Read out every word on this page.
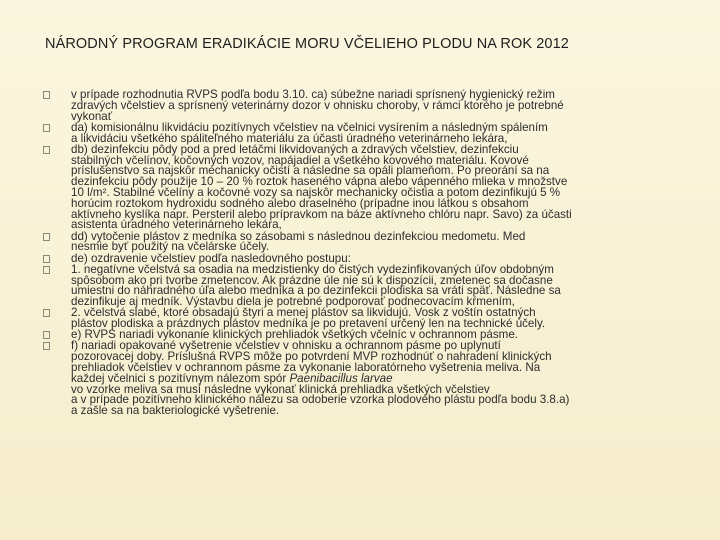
NÁRODNÝ PROGRAM ERADIKÁCIE MORU VČELIEHO PLODU NA ROK 2012
v prípade rozhodnutia RVPS podľa bodu 3.10. ca) súbežne nariadi sprísnený hygienický režim
zdravých včelstiev a sprísnený veterinárny dozor v ohnisku choroby, v rámci ktorého je potrebné
vykonať
da) komisionálnu likvidáciu pozitívnych včelstiev na včelnici vysírením a následným spálením
a likvidáciu všetkého spáliteľného materiálu za účasti úradného veterinárneho lekára,
db) dezinfekciu pôdy pod a pred letáčmi likvidovaných a zdravých včelstiev, dezinfekciu
stabilných včelínov, kočovných vozov, napájadiel a všetkého kovového materiálu. Kovové
príslušenstvo sa najskôr mechanicky očistí a následne sa opáli plameňom. Po preorání sa na
dezinfekciu pôdy použije 10 – 20 % roztok haseného vápna alebo vápenného mlieka v množstve
10 l/m². Stabilné včelíny a kočovné vozy sa najskôr mechanicky očistia a potom dezinfikujú 5 %
horúcim roztokom hydroxidu sodného alebo draselného (prípadne inou látkou s obsahom
aktívneho kyslíka napr. Persteril alebo prípravkom na báze aktívneho chlóru napr. Savo) za účasti
asistenta úradného veterinárneho lekára,
dd) vytočenie plástov z medníka so zásobami s následnou dezinfekciou medometu. Med
nesmie byť použitý na včelárske účely.
de) ozdravenie včelstiev podľa nasledovného postupu:
1. negatívne včelstvá sa osadia na medzistienky do čistých vydezinfikovaných úľov obdobným
spôsobom ako pri tvorbe zmetencov. Ak prázdne úle nie sú k dispozícii, zmetenec sa dočasne
umiestni do náhradného úľa alebo medníka a po dezinfekcii plodiska sa vráti späť. Následne sa
dezinfikuje aj medník. Výstavbu diela je potrebné podporovať podnecovacím kŕmením,
2. včelstvá slabé, ktoré obsadajú štyri a menej plástov sa likvidujú. Vosk z voštín ostatných
plástov plodiska a prázdnych plástov medníka je po pretavení určený len na technické účely.
e) RVPS nariadi vykonanie klinických prehliadok všetkých včelníc v ochrannom pásme.
f) nariadi opakované vyšetrenie včelstiev v ohnisku a ochrannom pásme po uplynutí
pozorovacej doby. Príslušná RVPS môže po potvrdení MVP rozhodnúť o nahradení klinických
prehliadok včelstiev v ochrannom pásme za vykonanie laboratórneho vyšetrenia meliva. Na
každej včelnici s pozitívnym nálezom spór Paenibacillus larvae
vo vzorke meliva sa musí následne vykonať klinická prehliadka všetkých včelstiev
a v prípade pozitívneho klinického nálezu sa odoberie vzorka plodového plástu podľa bodu 3.8.a)
a zašle sa na bakteriologické vyšetrenie.
